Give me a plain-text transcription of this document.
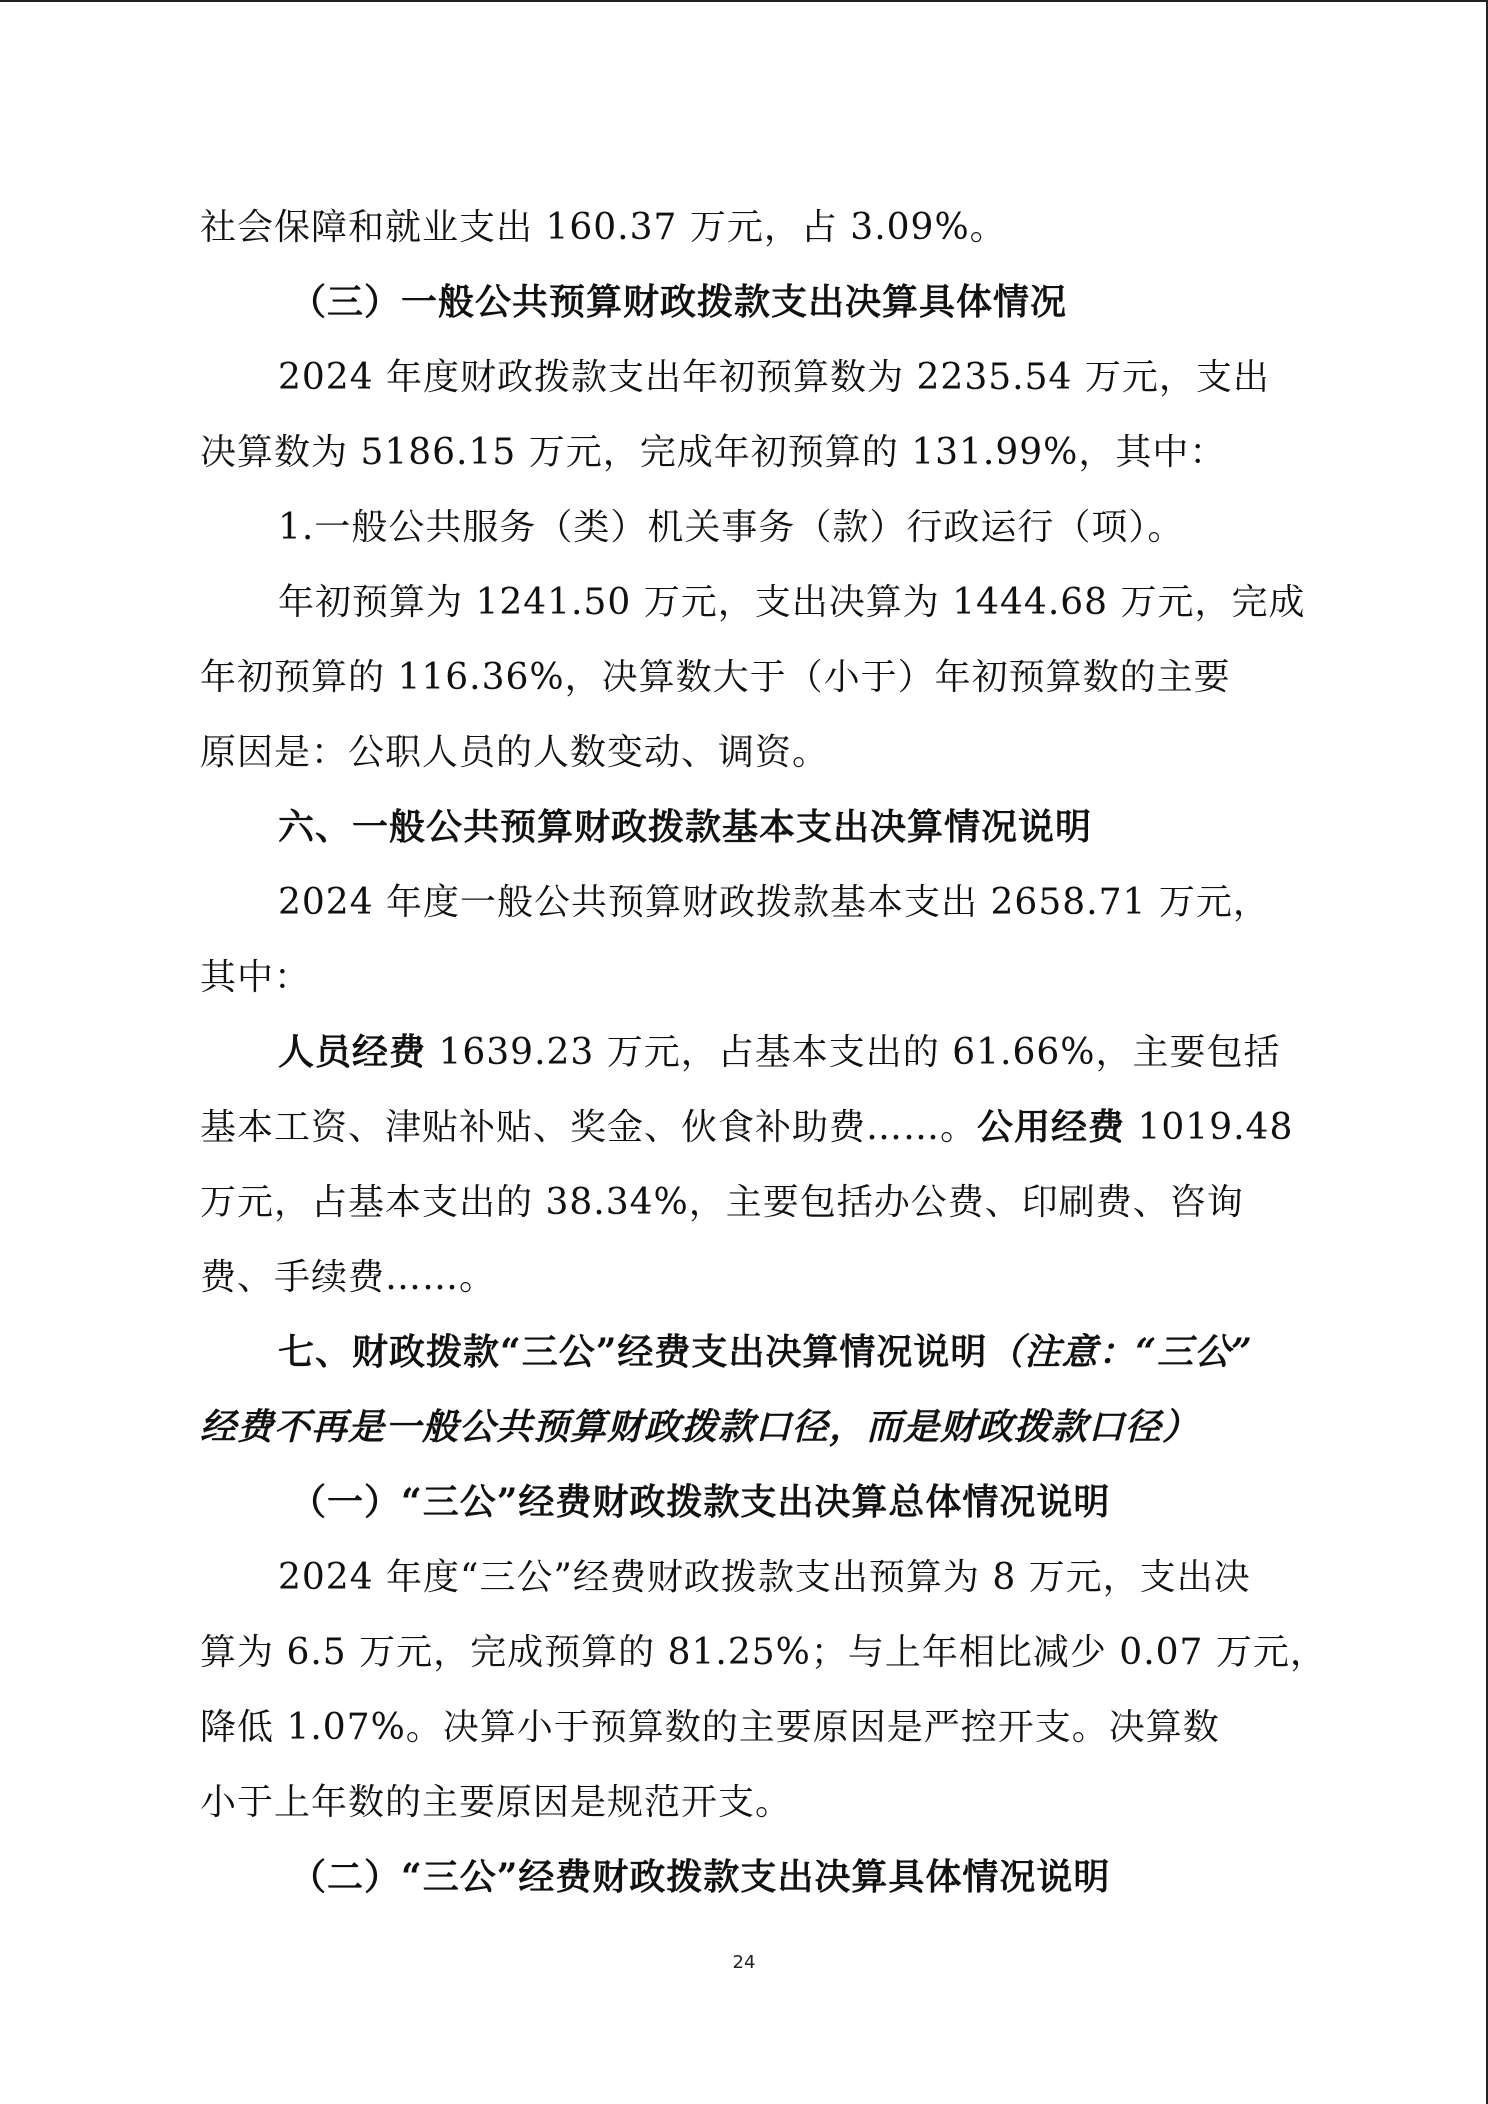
社会保障和就业支出 160.37 万元，占 3.09%。
（三）一般公共预算财政拨款支出决算具体情况
2024 年度财政拨款支出年初预算数为 2235.54 万元，支出
决算数为 5186.15 万元，完成年初预算的 131.99%，其中：
1.一般公共服务（类）机关事务（款）行政运行（项）。
年初预算为 1241.50 万元，支出决算为 1444.68 万元，完成
年初预算的 116.36%，决算数大于（小于）年初预算数的主要
原因是：公职人员的人数变动、调资。
六、一般公共预算财政拨款基本支出决算情况说明
2024 年度一般公共预算财政拨款基本支出 2658.71 万元，
其中：
人员经费 1639.23 万元，占基本支出的 61.66%，主要包括
基本工资、津贴补贴、奖金、伙食补助费……。公用经费 1019.48
万元，占基本支出的 38.34%，主要包括办公费、印刷费、咨询
费、手续费……。
七、财政拨款“三公”经费支出决算情况说明（注意：“三公”
经费不再是一般公共预算财政拨款口径，而是财政拨款口径）
（一）“三公”经费财政拨款支出决算总体情况说明
2024 年度“三公”经费财政拨款支出预算为 8 万元，支出决
算为 6.5 万元，完成预算的 81.25%；与上年相比减少 0.07 万元，
降低 1.07%。决算小于预算数的主要原因是严控开支。决算数
小于上年数的主要原因是规范开支。
（二）“三公”经费财政拨款支出决算具体情况说明
24
